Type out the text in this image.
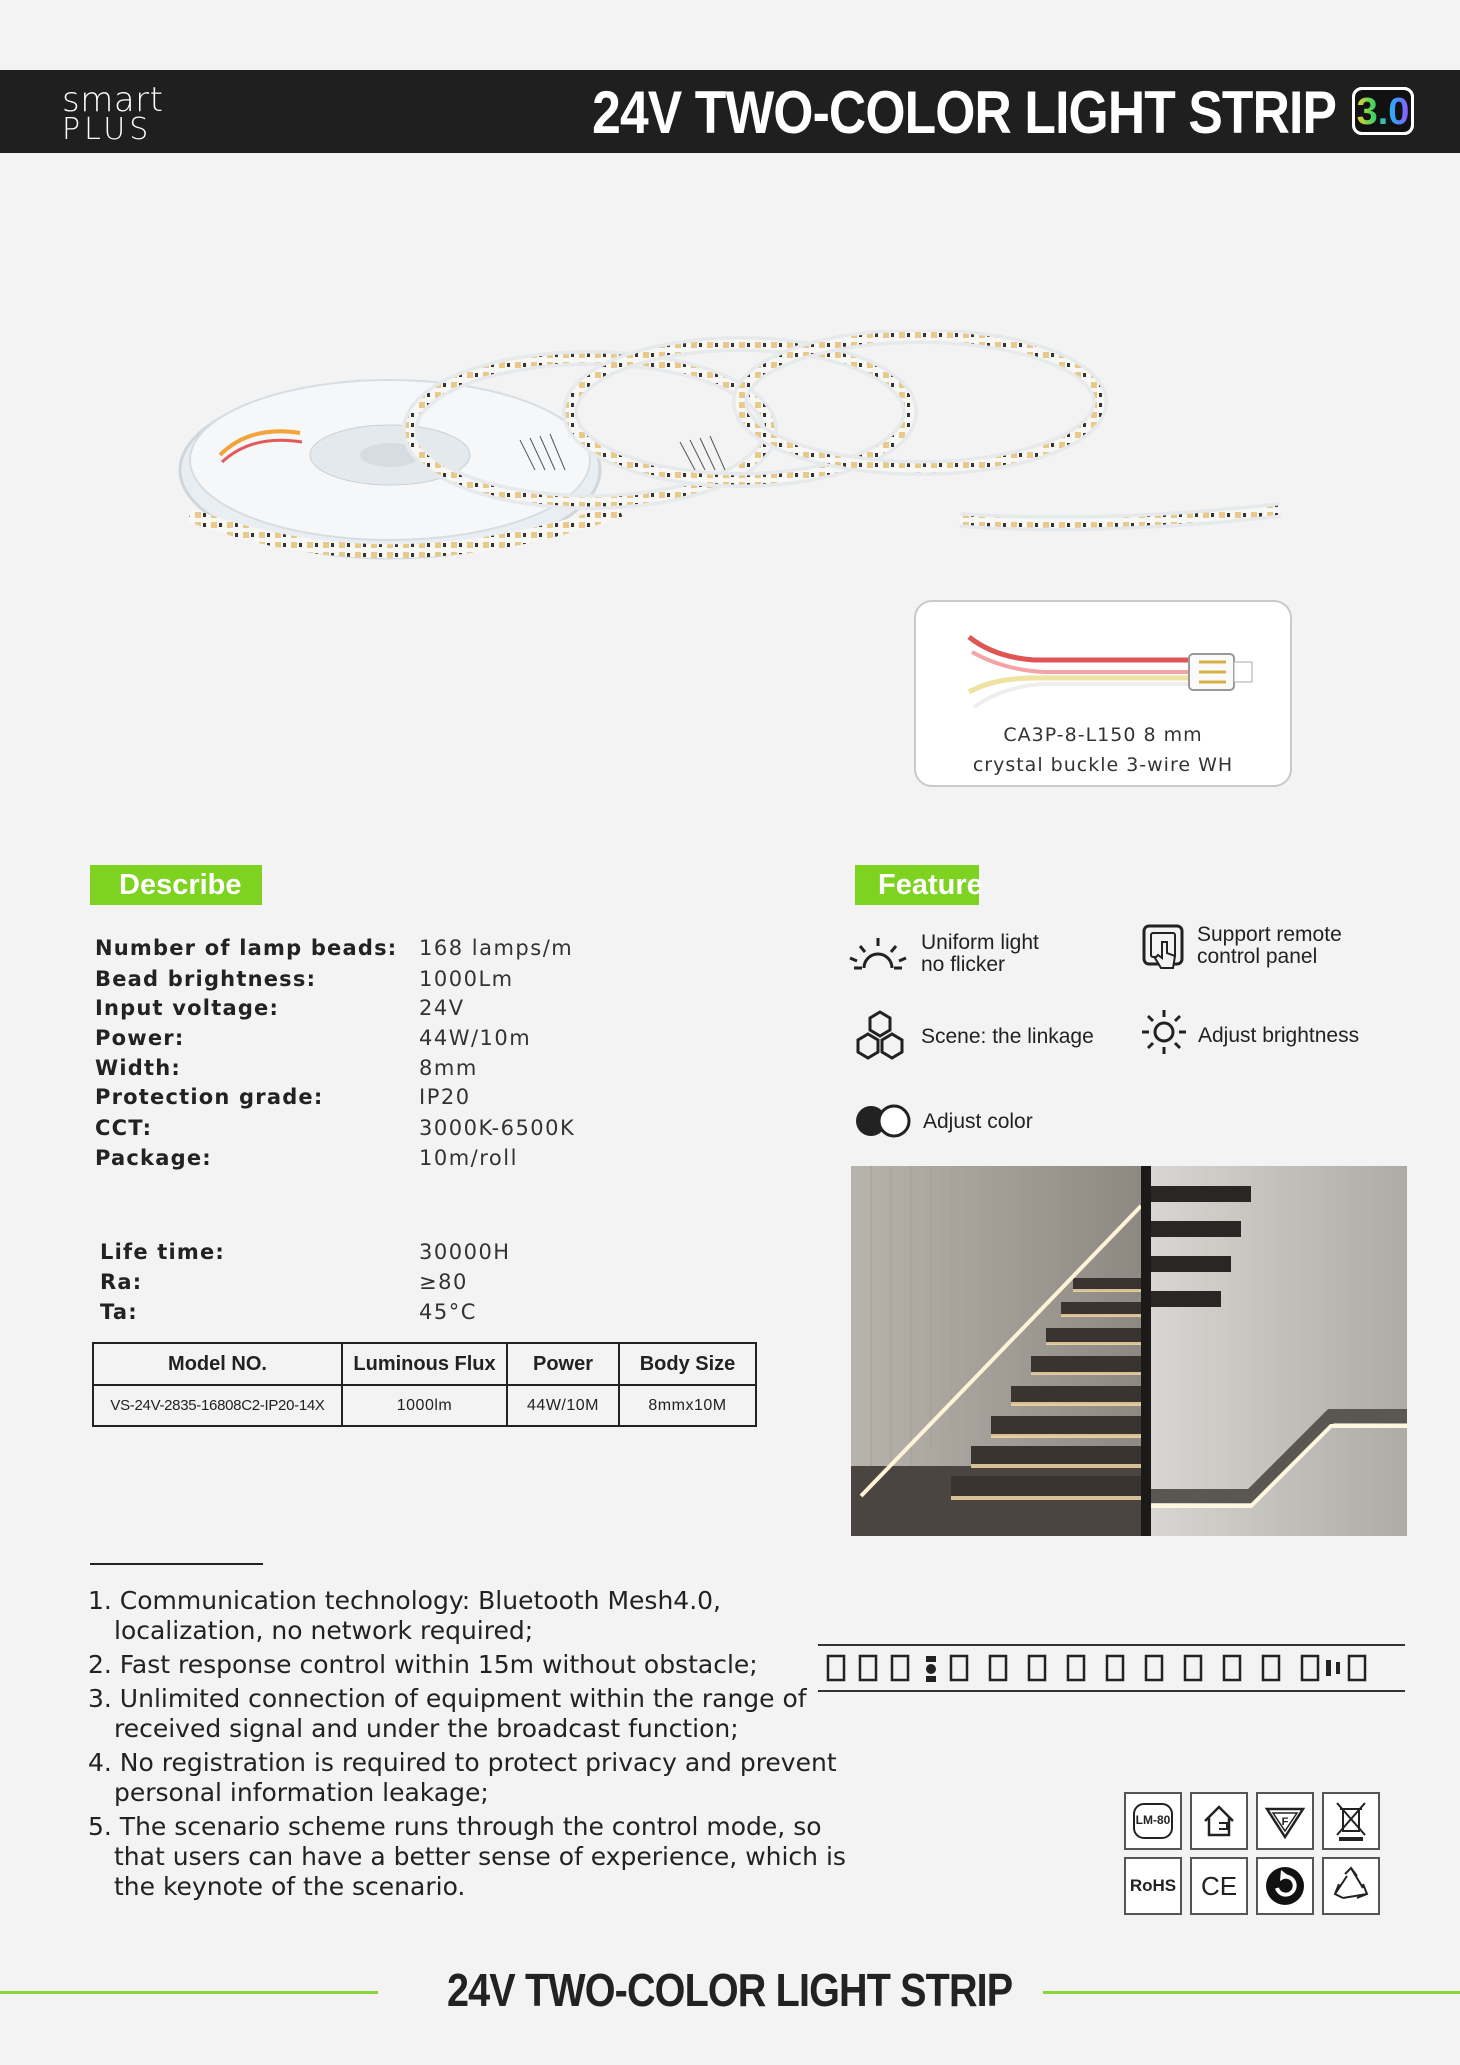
smart
PLUS	24V TWO-COLOR LIGHT STRIP 3.0
CA3P-8-L150 8 mm
crystal buckle 3-wire WH
Describe
Number of lamp beads: 168 lamps/m
Bead brightness:	1000Lm
Input voltage:	24V
Power:	44W/10m
Width:	8mm
Protection grade:	IP20
CCT:	3000K-6500K
Package:	10m/roll
Life time:	30000H
Ra:	≥80
Ta:	45°C
Model NO.	Luminous Flux	Power	Body Size
VS-24V-2835-16808C2-IP20-14X	1000lm	44W/10M	8mmx10M
Feature
Uniform light
no flicker
Support remote
control panel
Scene: the linkage	Adjust brightness
Adjust color
1. Communication technology: Bluetooth Mesh4.0, localization, no network required;
2. Fast response control within 15m without obstacle;
3. Unlimited connection of equipment within the range of received signal and under the broadcast function;
4. No registration is required to protect privacy and prevent personal information leakage;
5. The scenario scheme runs through the control mode, so that users can have a better sense of experience, which is the keynote of the scenario.
LM-80	F
RoHS CE
24V TWO-COLOR LIGHT STRIP
